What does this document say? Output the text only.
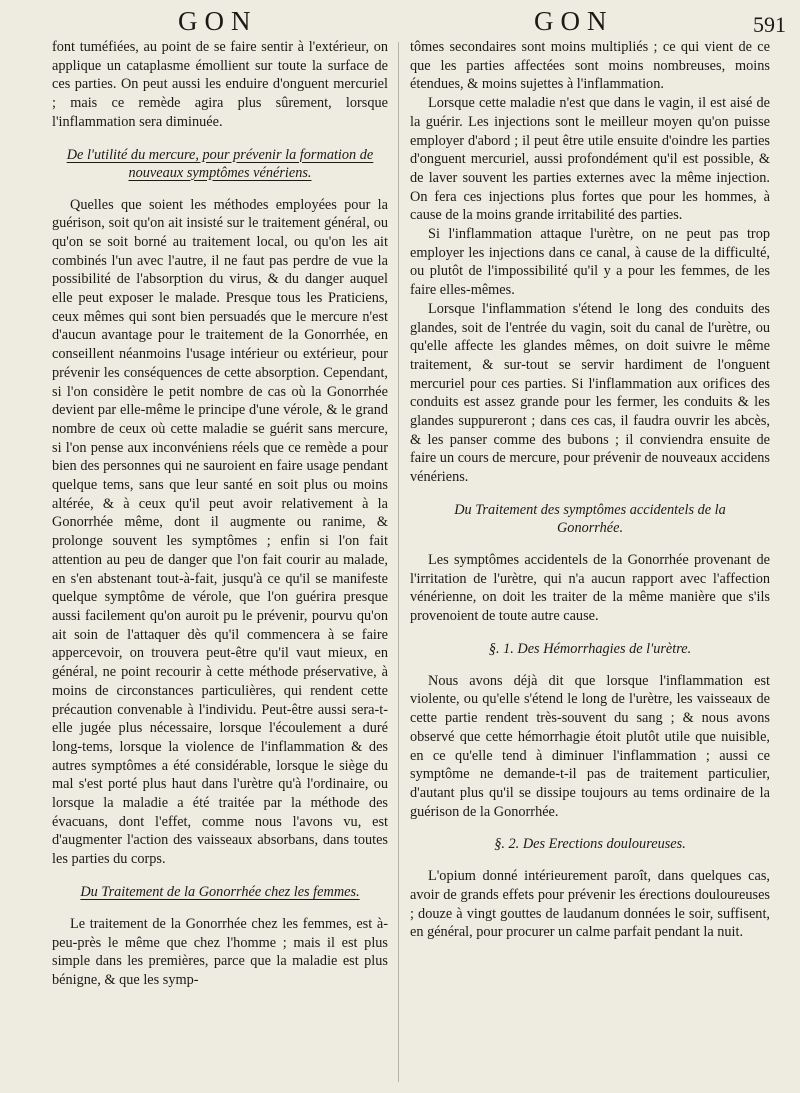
GON	GON	591

font tuméfiées, au point de se faire sentir à l'extérieur, on applique un cataplasme émollient sur toute la surface de ces parties. On peut aussi les enduire d'onguent mercuriel ; mais ce remède agira plus sûrement, lorsque l'inflammation sera diminuée.

De l'utilité du mercure, pour prévenir la formation de nouveaux symptômes vénériens.

Quelles que soient les méthodes employées pour la guérison, soit qu'on ait insisté sur le traitement général, ou qu'on se soit borné au traitement local, ou qu'on les ait combinés l'un avec l'autre, il ne faut pas perdre de vue la possibilité de l'absorption du virus, & du danger auquel elle peut exposer le malade. Presque tous les Praticiens, ceux mêmes qui sont bien persuadés que le mercure n'est d'aucun avantage pour le traitement de la Gonorrhée, en conseillent néanmoins l'usage intérieur ou extérieur, pour prévenir les conséquences de cette absorption. Cependant, si l'on considère le petit nombre de cas où la Gonorrhée devient par elle-même le principe d'une vérole, & le grand nombre de ceux où cette maladie se guérit sans mercure, si l'on pense aux inconvéniens réels que ce remède a pour bien des personnes qui ne sauroient en faire usage pendant quelque tems, sans que leur santé en soit plus ou moins altérée, & à ceux qu'il peut avoir relativement à la Gonorrhée même, dont il augmente ou ranime, & prolonge souvent les symptômes ; enfin si l'on fait attention au peu de danger que l'on fait courir au malade, en s'en abstenant tout-à-fait, jusqu'à ce qu'il se manifeste quelque symptôme de vérole, que l'on guérira presque aussi facilement qu'on auroit pu le prévenir, pourvu qu'on ait soin de l'attaquer dès qu'il commencera à se faire appercevoir, on trouvera peut-être qu'il vaut mieux, en général, ne point recourir à cette méthode préservative, à moins de circonstances particulières, qui rendent cette précaution convenable à l'individu. Peut-être aussi sera-t-elle jugée plus nécessaire, lorsque l'écoulement a duré long-tems, lorsque la violence de l'inflammation & des autres symptômes a été considérable, lorsque le siège du mal s'est porté plus haut dans l'urètre qu'à l'ordinaire, ou lorsque la maladie a été traitée par la méthode des évacuans, dont l'effet, comme nous l'avons vu, est d'augmenter l'action des vaisseaux absorbans, dans toutes les parties du corps.

Du Traitement de la Gonorrhée chez les femmes.

Le traitement de la Gonorrhée chez les femmes, est à-peu-près le même que chez l'homme ; mais il est plus simple dans les premières, parce que la maladie est plus bénigne, & que les symp-

tômes secondaires sont moins multipliés ; ce qui vient de ce que les parties affectées sont moins nombreuses, moins étendues, & moins sujettes à l'inflammation.

Lorsque cette maladie n'est que dans le vagin, il est aisé de la guérir. Les injections sont le meilleur moyen qu'on puisse employer d'abord ; il peut être utile ensuite d'oindre les parties d'onguent mercuriel, aussi profondément qu'il est possible, & de laver souvent les parties externes avec la même injection. On fera ces injections plus fortes que pour les hommes, à cause de la moins grande irritabilité des parties.

Si l'inflammation attaque l'urètre, on ne peut pas trop employer les injections dans ce canal, à cause de la difficulté, ou plutôt de l'impossibilité qu'il y a pour les femmes, de les faire elles-mêmes.

Lorsque l'inflammation s'étend le long des conduits des glandes, soit de l'entrée du vagin, soit du canal de l'urètre, ou qu'elle affecte les glandes mêmes, on doit suivre le même traitement, & sur-tout se servir hardiment de l'onguent mercuriel pour ces parties. Si l'inflammation aux orifices des conduits est assez grande pour les fermer, les conduits & les glandes suppureront ; dans ces cas, il faudra ouvrir les abcès, & les panser comme des bubons ; il conviendra ensuite de faire un cours de mercure, pour prévenir de nouveaux accidens vénériens.

Du Traitement des symptômes accidentels de la Gonorrhée.

Les symptômes accidentels de la Gonorrhée provenant de l'irritation de l'urètre, qui n'a aucun rapport avec l'affection vénérienne, on doit les traiter de la même manière que s'ils provenoient de toute autre cause.

§. 1. Des Hémorrhagies de l'urètre.

Nous avons déjà dit que lorsque l'inflammation est violente, ou qu'elle s'étend le long de l'urètre, les vaisseaux de cette partie rendent très-souvent du sang ; & nous avons observé que cette hémorrhagie étoit plutôt utile que nuisible, en ce qu'elle tend à diminuer l'inflammation ; aussi ce symptôme ne demande-t-il pas de traitement particulier, d'autant plus qu'il se dissipe toujours au tems ordinaire de la guérison de la Gonorrhée.

§. 2. Des Erections douloureuses.

L'opium donné intérieurement paroît, dans quelques cas, avoir de grands effets pour prévenir les érections douloureuses ; douze à vingt gouttes de laudanum données le soir, suffisent, en général, pour procurer un calme parfait pendant la nuit.
